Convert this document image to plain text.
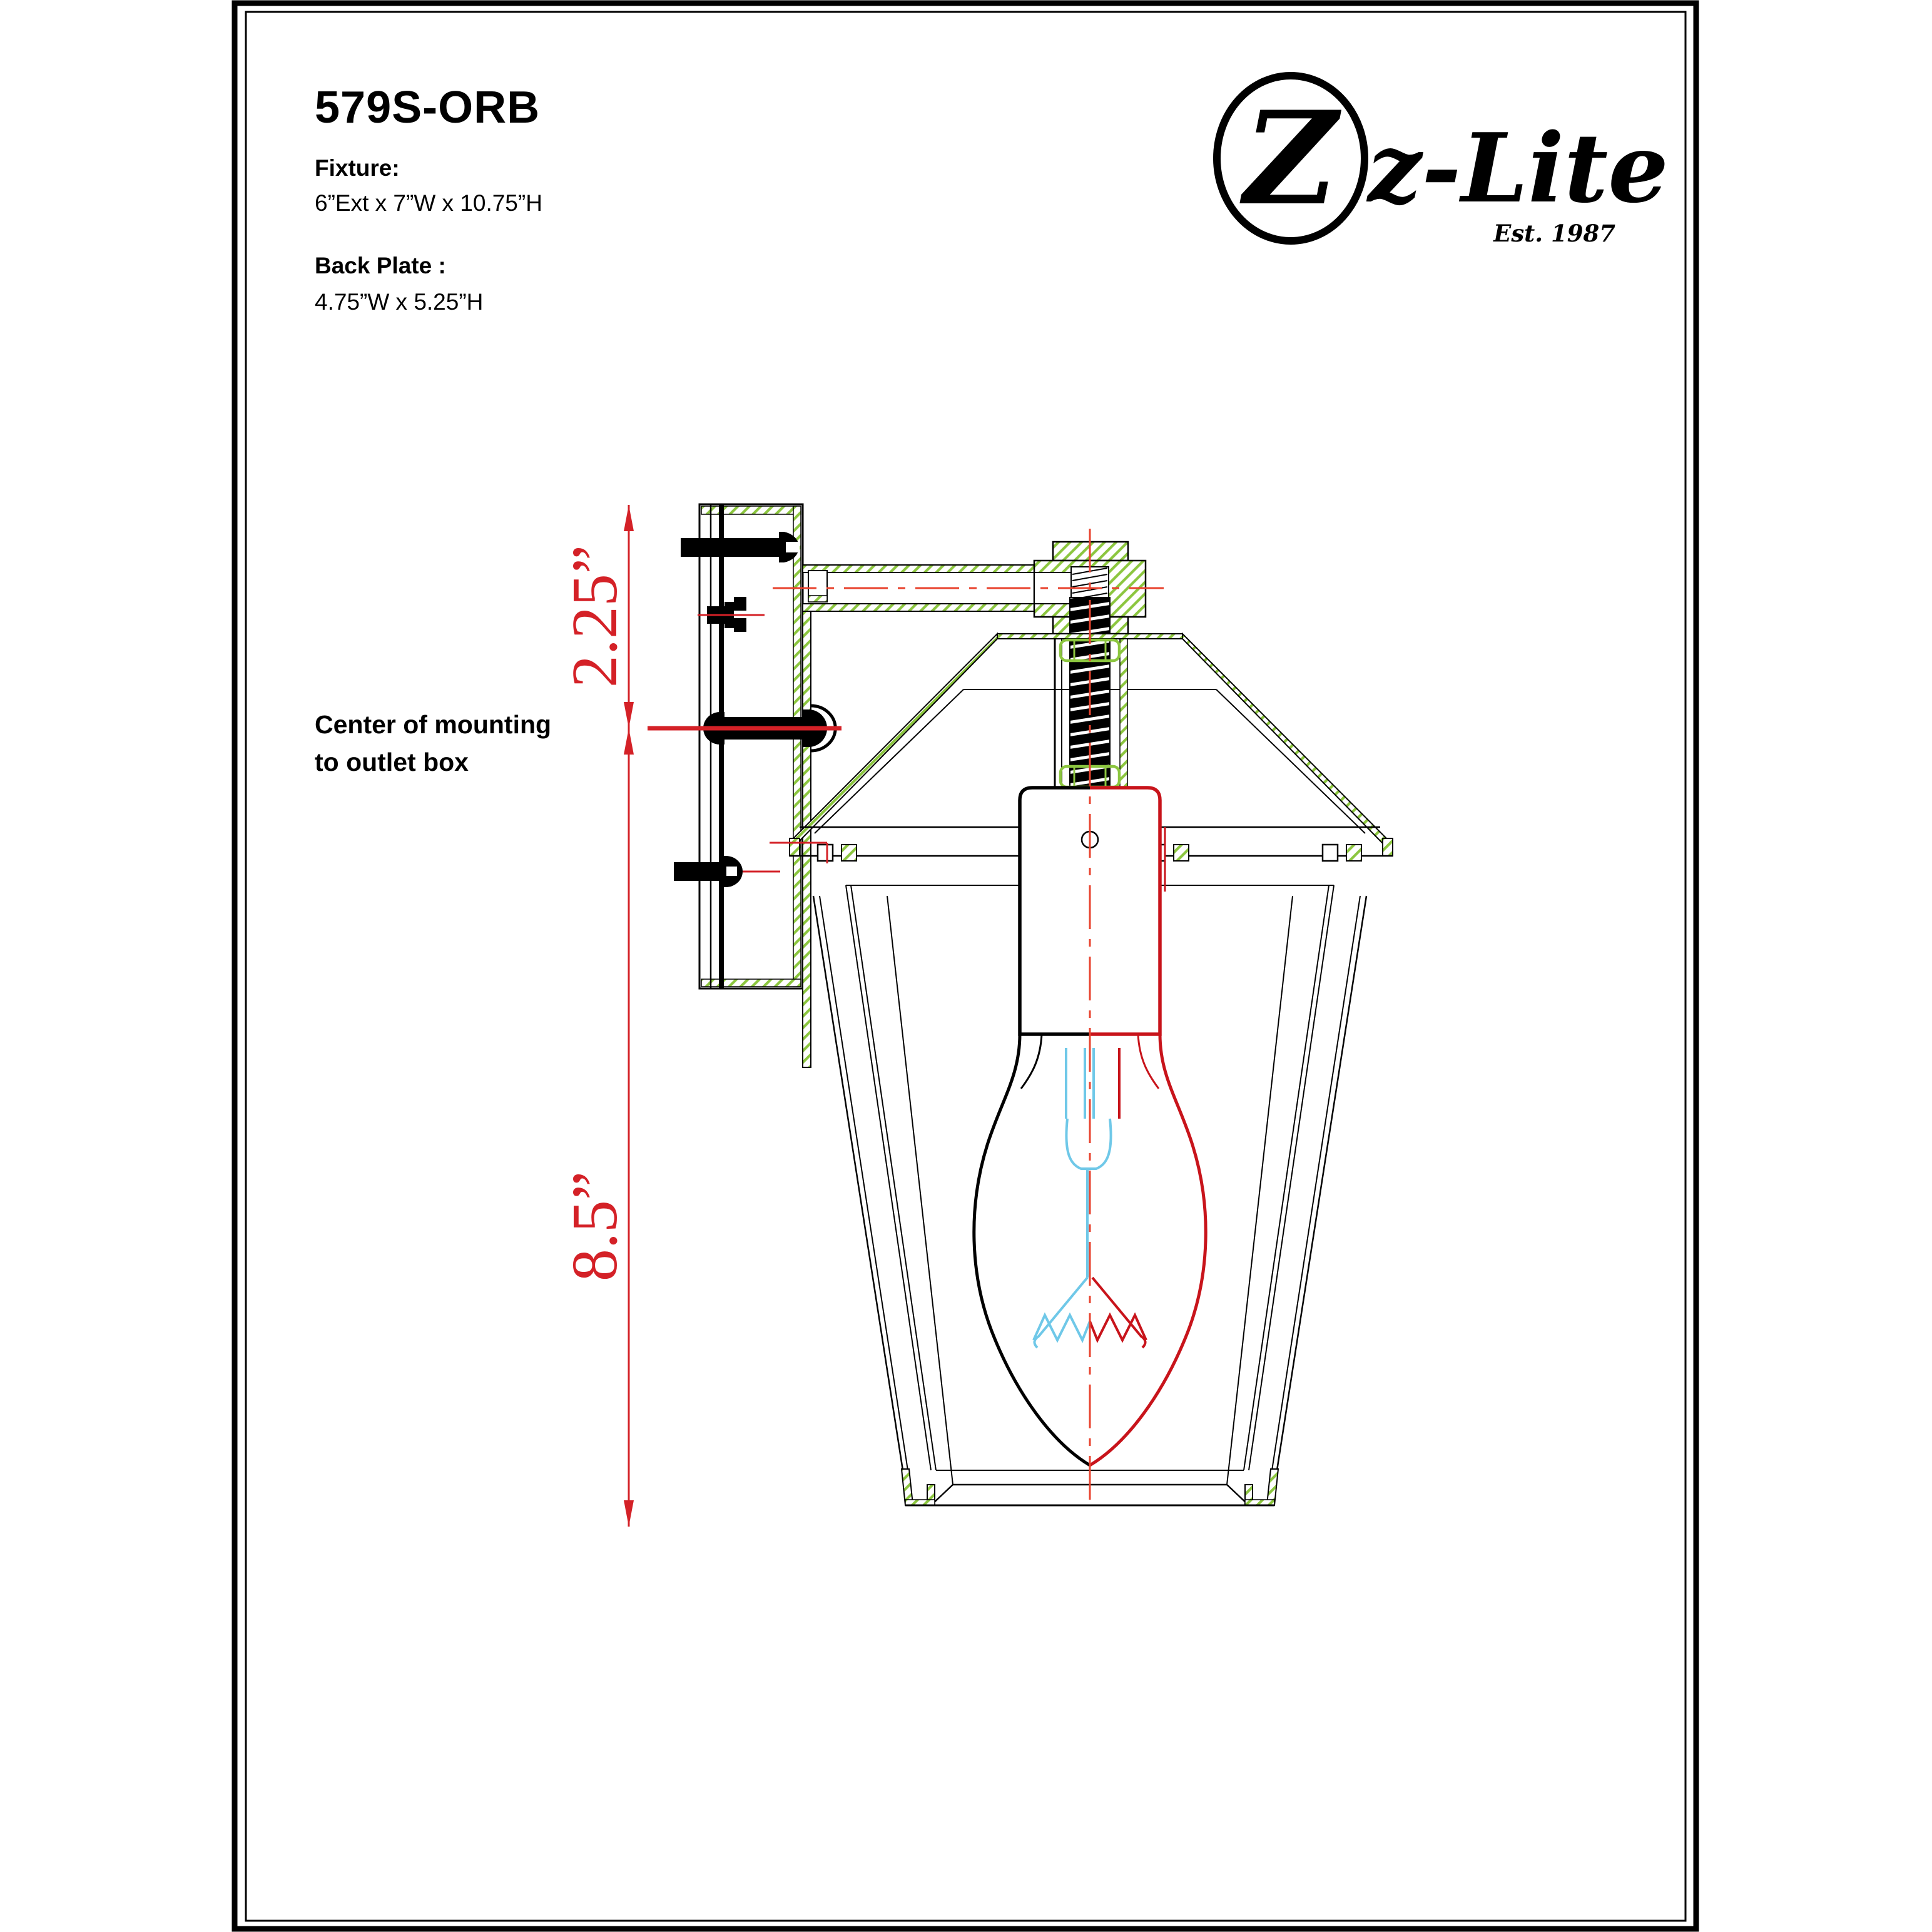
579S-ORB
Fixture:
6”Ext x 7”W x 10.75”H
Back Plate :
4.75”W x 5.25”H
Z z-Lite
Est. 1987
2.25”
8.5”
Center of mounting
to outlet box
